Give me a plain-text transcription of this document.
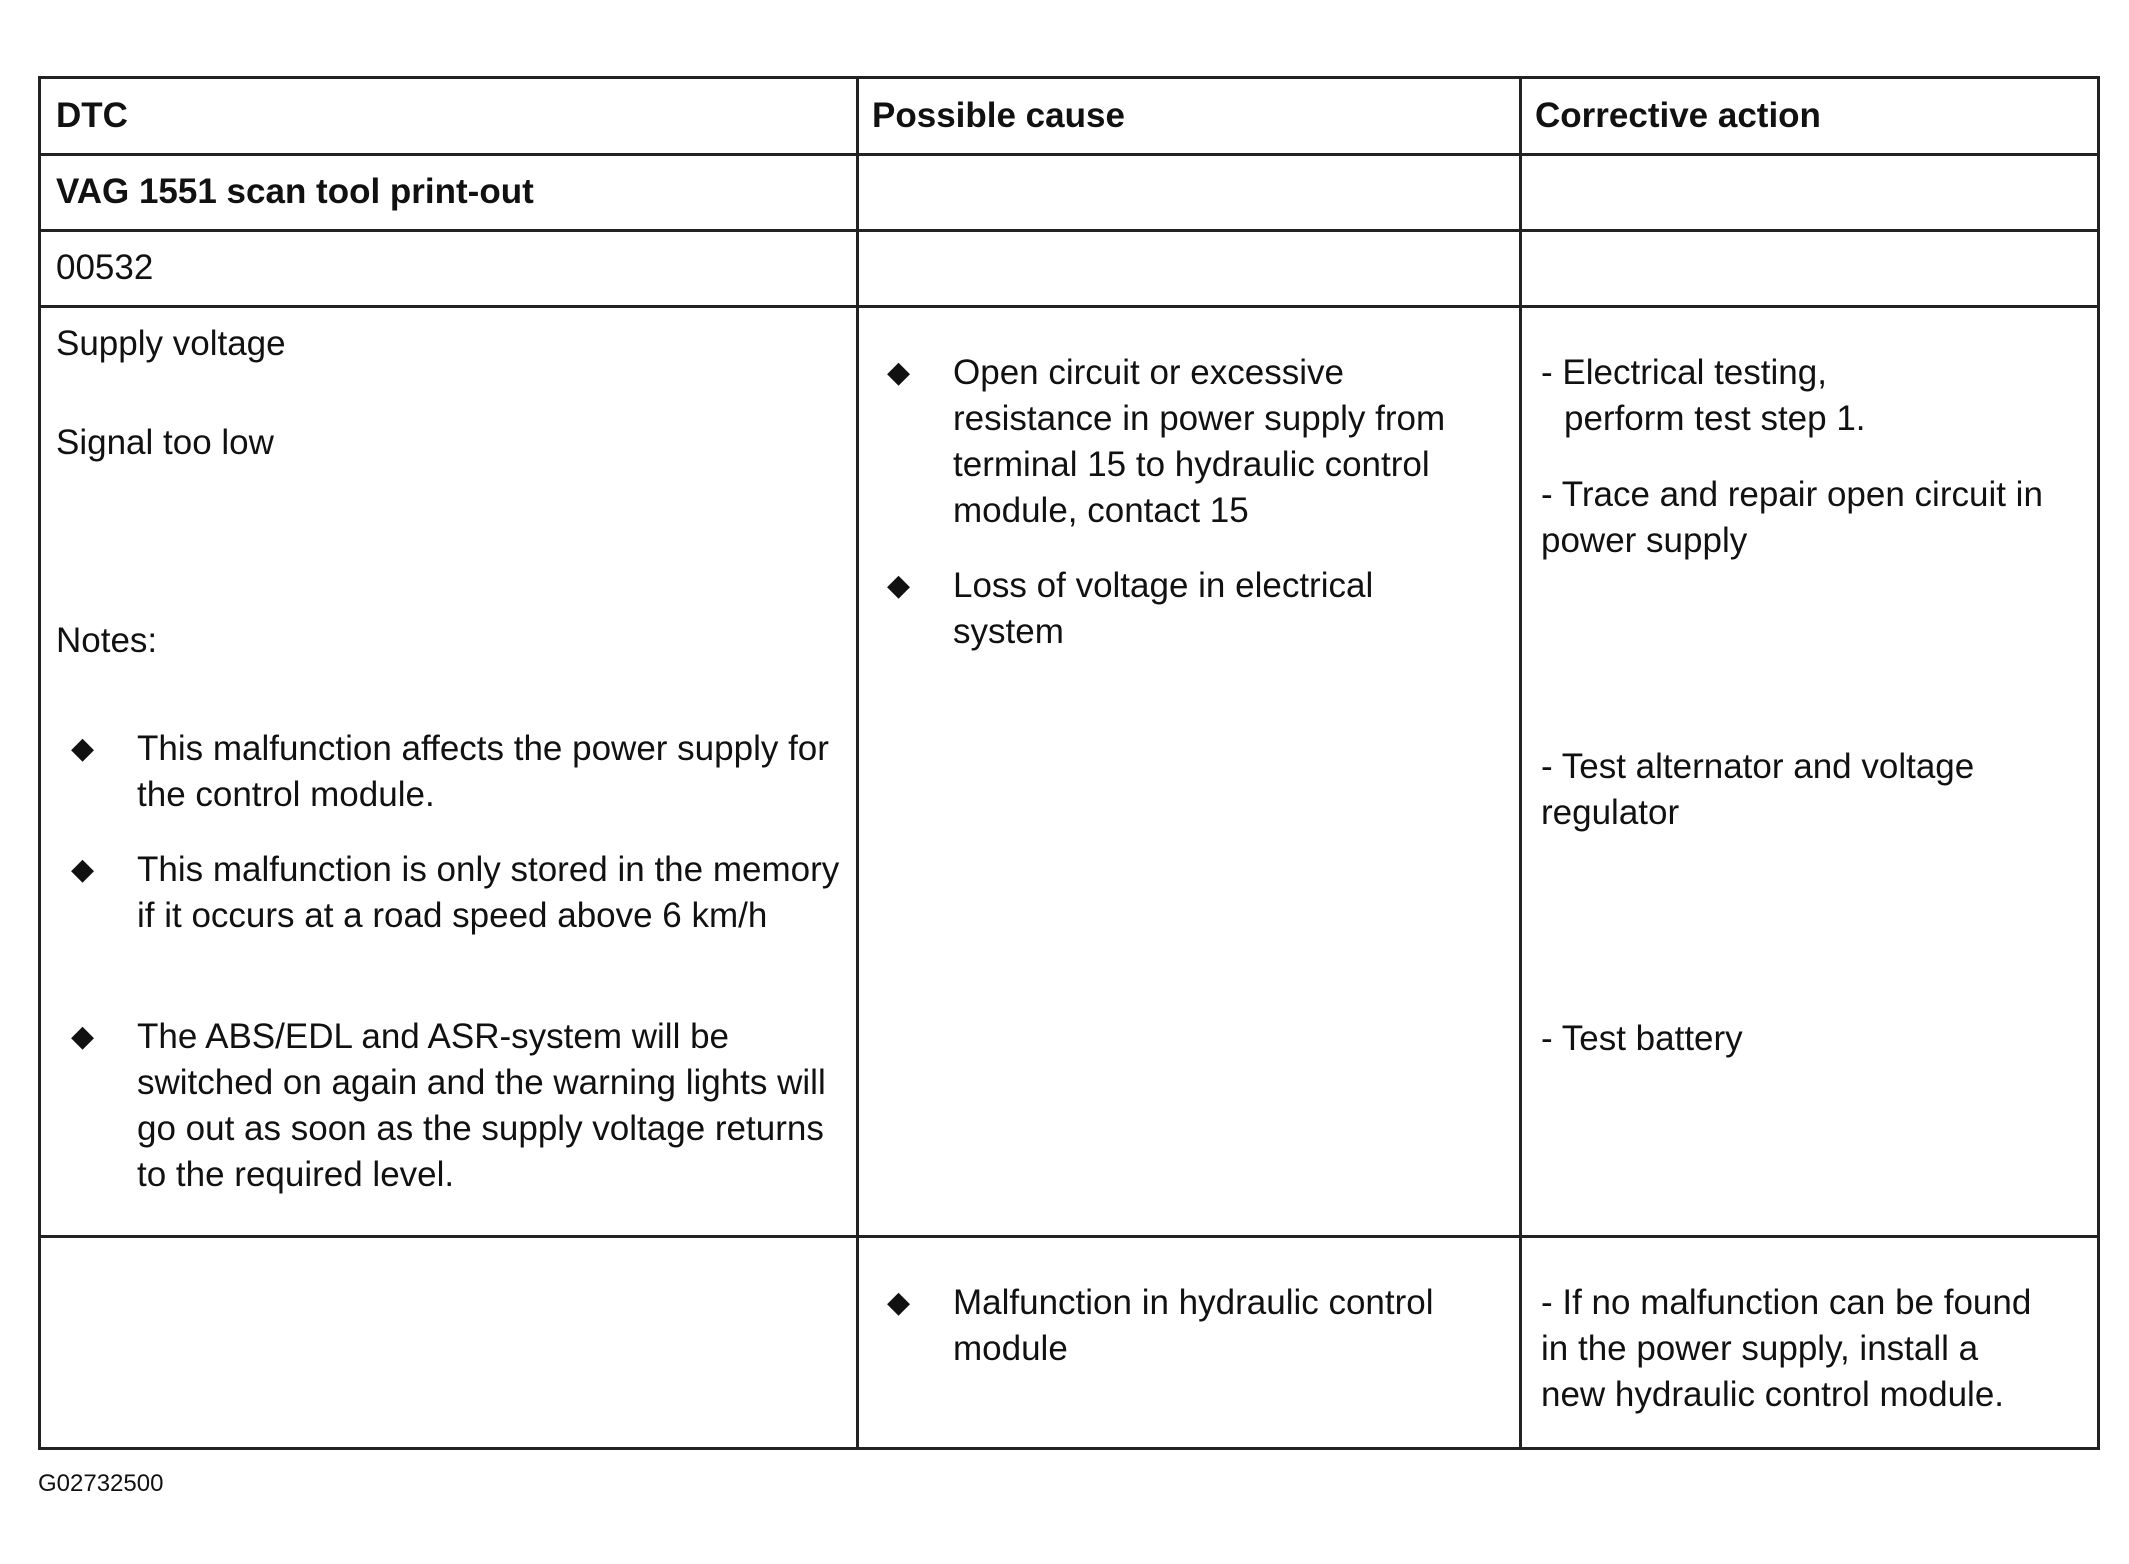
DTC	Possible cause	Corrective action
VAG 1551 scan tool print-out
00532
Supply voltage
Signal too low
Notes:
◆ This malfunction affects the power supply for the control module.
◆ This malfunction is only stored in the memory if it occurs at a road speed above 6 km/h
◆ The ABS/EDL and ASR-system will be switched on again and the warning lights will go out as soon as the supply voltage returns to the required level.
◆ Open circuit or excessive resistance in power supply from terminal 15 to hydraulic control module, contact 15
◆ Loss of voltage in electrical system
- Electrical testing,
perform test step 1.
- Trace and repair open circuit in
power supply
- Test alternator and voltage
regulator
- Test battery
◆ Malfunction in hydraulic control module
- If no malfunction can be found
in the power supply, install a
new hydraulic control module.
G02732500
